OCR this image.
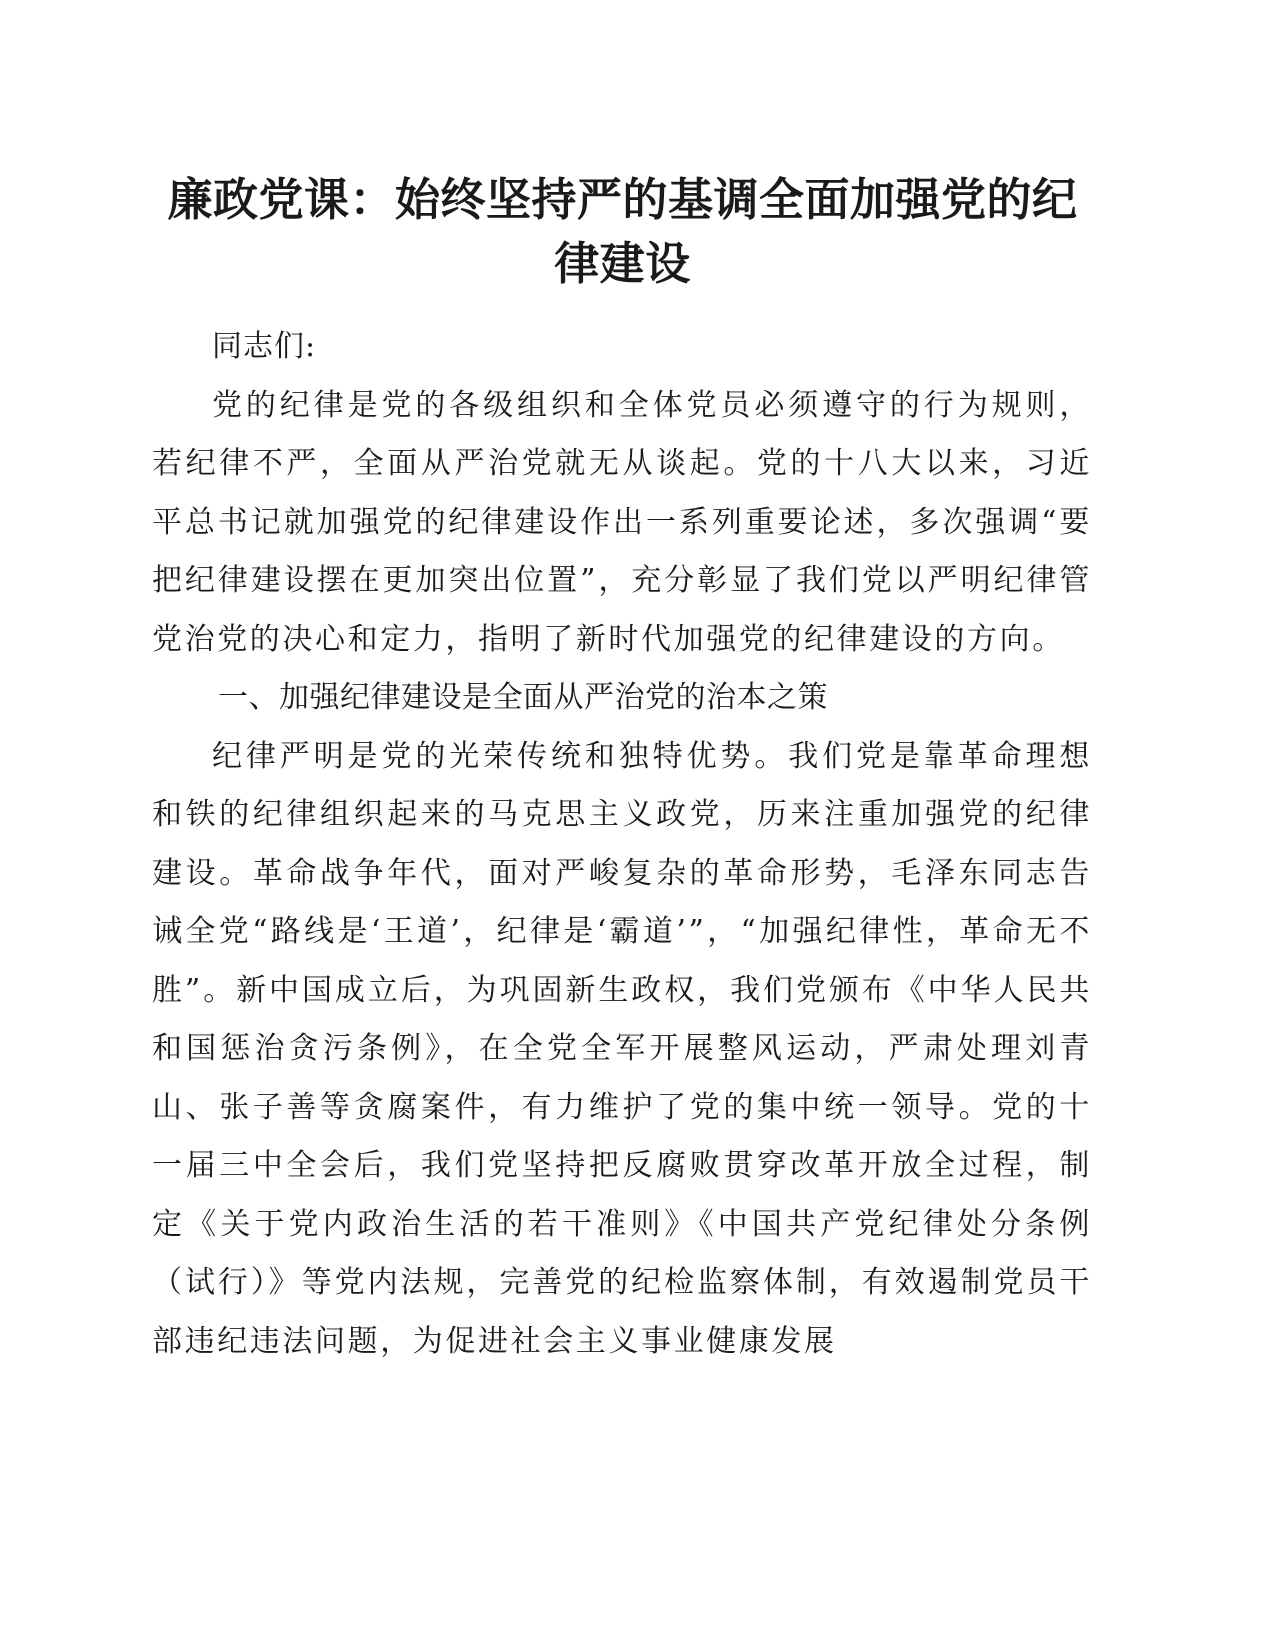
廉政党课：始终坚持严的基调全面加强党的纪
律建设

同志们:

党的纪律是党的各级组织和全体党员必须遵守的行为规则，若纪律不严，全面从严治党就无从谈起。党的十八大以来，习近平总书记就加强党的纪律建设作出一系列重要论述，多次强调“要把纪律建设摆在更加突出位置”，充分彰显了我们党以严明纪律管党治党的决心和定力，指明了新时代加强党的纪律建设的方向。

一、加强纪律建设是全面从严治党的治本之策

纪律严明是党的光荣传统和独特优势。我们党是靠革命理想和铁的纪律组织起来的马克思主义政党，历来注重加强党的纪律建设。革命战争年代，面对严峻复杂的革命形势，毛泽东同志告诫全党“路线是‘王道’，纪律是‘霸道’”，“加强纪律性，革命无不胜”。新中国成立后，为巩固新生政权，我们党颁布《中华人民共和国惩治贪污条例》，在全党全军开展整风运动，严肃处理刘青山、张子善等贪腐案件，有力维护了党的集中统一领导。党的十一届三中全会后，我们党坚持把反腐败贯穿改革开放全过程，制定《关于党内政治生活的若干准则》《中国共产党纪律处分条例（试行）》等党内法规，完善党的纪检监察体制，有效遏制党员干部违纪违法问题，为促进社会主义事业健康发展
